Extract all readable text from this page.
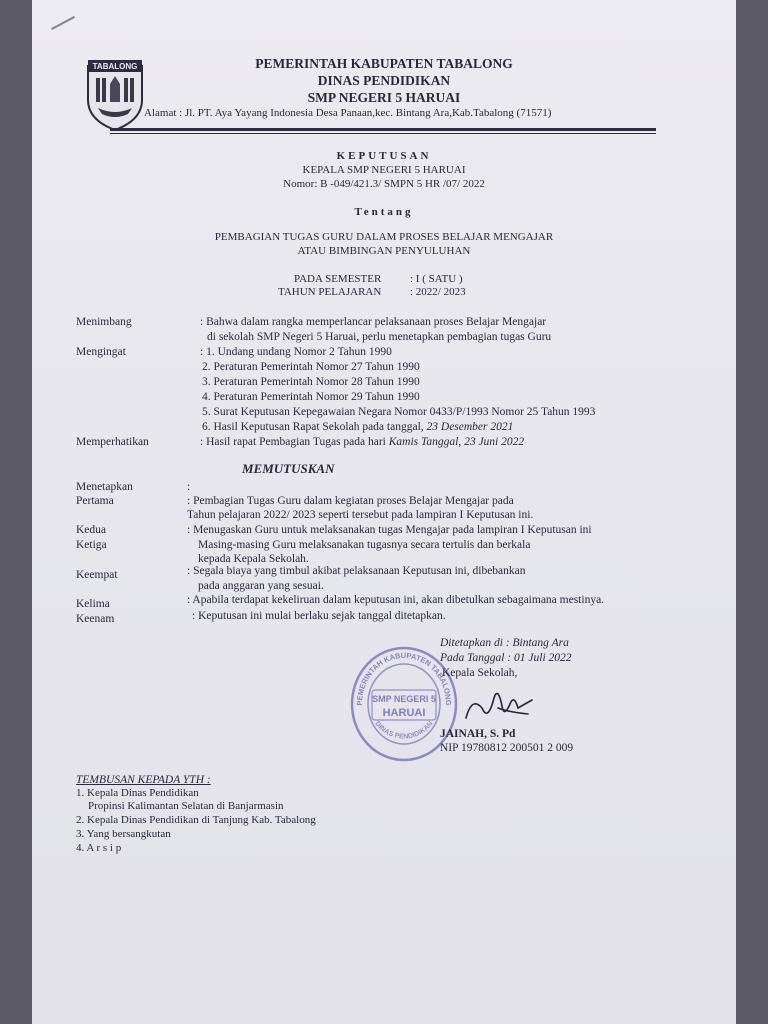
TABALONG	PEMERINTAH KABUPATEN TABALONG
DINAS PENDIDIKAN
SMP NEGERI 5 HARUAI
Alamat : Jl. PT. Aya Yayang Indonesia Desa Panaan,kec. Bintang Ara,Kab.Tabalong (71571)
KEPUTUSAN
KEPALA SMP NEGERI 5 HARUAI
Nomor: B -049/421.3/ SMPN 5 HR /07/ 2022
Tentang
PEMBAGIAN TUGAS GURU DALAM PROSES BELAJAR MENGAJAR
ATAU BIMBINGAN PENYULUHAN
PADA SEMESTER	: I ( SATU )
TAHUN PELAJARAN	: 2022/ 2023
Menimbang	: Bahwa dalam rangka memperlancar pelaksanaan proses Belajar Mengajar
di sekolah SMP Negeri 5 Haruai, perlu menetapkan pembagian tugas Guru
Mengingat	: 1. Undang undang Nomor 2 Tahun 1990
2. Peraturan Pemerintah Nomor 27 Tahun 1990
3. Peraturan Pemerintah Nomor 28 Tahun 1990
4. Peraturan Pemerintah Nomor 29 Tahun 1990
5. Surat Keputusan Kepegawaian Negara Nomor 0433/P/1993 Nomor 25 Tahun 1993
6. Hasil Keputusan Rapat Sekolah pada tanggal, 23 Desember 2021
Memperhatikan	: Hasil rapat Pembagian Tugas pada hari Kamis Tanggal, 23 Juni 2022
MEMUTUSKAN
Menetapkan	:
Pertama	: Pembagian Tugas Guru dalam kegiatan proses Belajar Mengajar pada
Tahun pelajaran 2022/ 2023 seperti tersebut pada lampiran I Keputusan ini.
Kedua	: Menugaskan Guru untuk melaksanakan tugas Mengajar pada lampiran I Keputusan ini
Ketiga	Masing-masing Guru melaksanakan tugasnya secara tertulis dan berkala
kepada Kepala Sekolah.
Keempat	: Segala biaya yang timbul akibat pelaksanaan Keputusan ini, dibebankan
pada anggaran yang sesuai.
Kelima	: Apabila terdapat kekeliruan dalam keputusan ini, akan dibetulkan sebagaimana mestinya.
Keenam	: Keputusan ini mulai berlaku sejak tanggal ditetapkan.
PEMERINTAH KABUPATEN TABALONG
DINAS PENDIDIKAN
SMP NEGERI 5
HARUAI
Ditetapkan di : Bintang Ara
Pada Tanggal : 01 Juli 2022
Kepala Sekolah,
JAINAH, S. Pd
NIP 19780812 200501 2 009
TEMBUSAN KEPADA YTH :
1. Kepala Dinas Pendidikan
Propinsi Kalimantan Selatan di Banjarmasin
2. Kepala Dinas Pendidikan di Tanjung Kab. Tabalong
3. Yang bersangkutan
4. A r s i p
